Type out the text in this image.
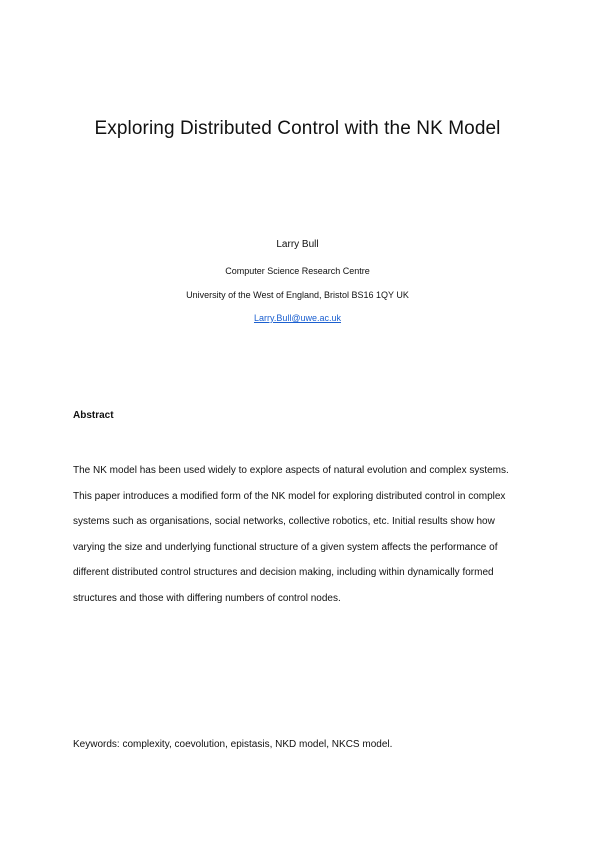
Exploring Distributed Control with the NK Model
Larry Bull
Computer Science Research Centre
University of the West of England, Bristol BS16 1QY UK
Larry.Bull@uwe.ac.uk
Abstract

The NK model has been used widely to explore aspects of natural evolution and complex systems. This paper introduces a modified form of the NK model for exploring distributed control in complex systems such as organisations, social networks, collective robotics, etc. Initial results show how varying the size and underlying functional structure of a given system affects the performance of different distributed control structures and decision making, including within dynamically formed structures and those with differing numbers of control nodes.

Keywords: complexity, coevolution, epistasis, NKD model, NKCS model.
